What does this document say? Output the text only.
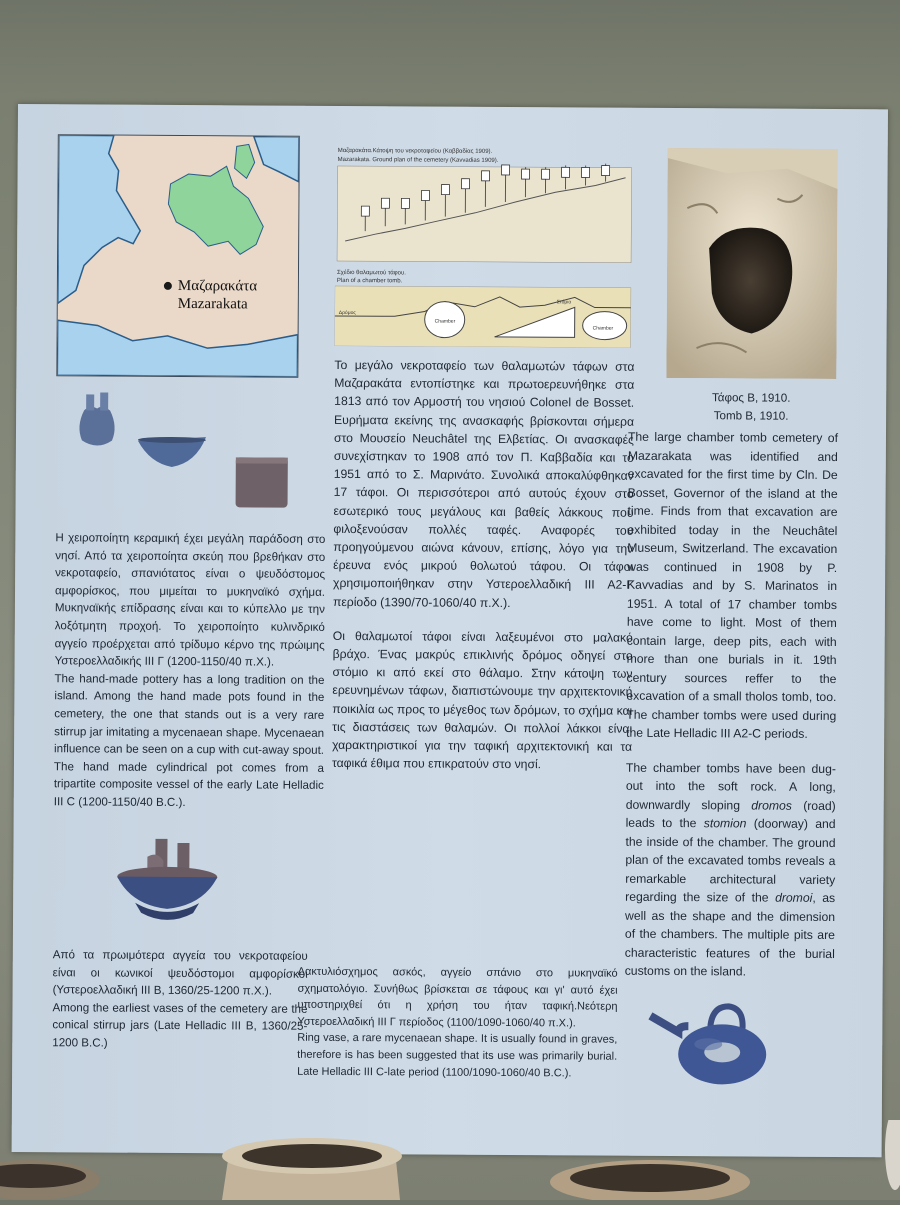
Μαζαρακάτα
Mazarakata
Μαζαρακάτα.Κάτοψη του νεκροταφείου (Καββαδίας 1909).
Mazarakata. Ground plan of the cemetery (Kavvadias 1909).
Σχέδιο θαλαμωτού τάφου.
Plan of a chamber tomb.
Δρόμος
Chamber
Στόμιο
Chamber

Τάφος Β, 1910.

Tomb B, 1910.

Η χειροποίητη κεραμική έχει μεγάλη παράδοση στο νησί. Από τα χειροποίητα σκεύη που βρεθήκαν στο νεκροταφείο, σπανιότατος είναι ο ψευδόστομος αμφορίσκος, που μιμείται το μυκηναϊκό σχήμα. Μυκηναϊκής επίδρασης είναι και το κύπελλο με την λοξότμητη προχοή. Το χειροποίητο κυλινδρικό αγγείο προέρχεται από τρίδυμο κέρνο της πρώιμης Υστεροελλαδικής ΙΙΙ Γ (1200-1150/40 π.Χ.).

The hand-made pottery has a long tradition on the island. Among the hand made pots found in the cemetery, the one that stands out is a very rare stirrup jar imitating a mycenaean shape. Mycenaean influence can be seen on a cup with cut-away spout. The hand made cylindrical pot comes from a tripartite composite vessel of the early Late Helladic III C (1200-1150/40 B.C.).

Από τα πρωιμότερα αγγεία του νεκροταφείου είναι οι κωνικοί ψευδόστομοι αμφορίσκοι (Υστεροελλαδική ΙΙΙ Β, 1360/25-1200 π.Χ.).

Among the earliest vases of the cemetery are the conical stirrup jars (Late Helladic III B, 1360/25-1200 B.C.)

Το μεγάλο νεκροταφείο των θαλαμωτών τάφων στα Μαζαρακάτα εντοπίστηκε και πρωτοερευνήθηκε στα 1813 από τον Αρμοστή του νησιού Colonel de Bosset. Ευρήματα εκείνης της ανασκαφής βρίσκονται σήμερα στο Μουσείο Neuchâtel της Ελβετίας. Οι ανασκαφές συνεχίστηκαν το 1908 από τον Π. Καββαδία και το 1951 από το Σ. Μαρινάτο. Συνολικά αποκαλύφθηκαν 17 τάφοι. Οι περισσότεροι από αυτούς έχουν στο εσωτερικό τους μεγάλους και βαθείς λάκκους που φιλοξενούσαν πολλές ταφές. Αναφορές του προηγούμενου αιώνα κάνουν, επίσης, λόγο για την έρευνα ενός μικρού θολωτού τάφου. Οι τάφοι χρησιμοποιήθηκαν στην Υστεροελλαδική ΙΙΙ Α2-Γ περίοδο (1390/70-1060/40 π.Χ.).

Οι θαλαμωτοί τάφοι είναι λαξευμένοι στο μαλακό βράχο. Ένας μακρύς επικλινής δρόμος οδηγεί στο στόμιο κι από εκεί στο θάλαμο. Στην κάτοψη των ερευνημένων τάφων, διαπιστώνουμε την αρχιτεκτονική ποικιλία ως προς το μέγεθος των δρόμων, το σχήμα και τις διαστάσεις των θαλαμών. Οι πολλοί λάκκοι είναι χαρακτηριστικοί για την ταφική αρχιτεκτονική και τα ταφικά έθιμα που επικρατούν στο νησί.

Δακτυλιόσχημος ασκός, αγγείο σπάνιο στο μυκηναϊκό σχηματολόγιο. Συνήθως βρίσκεται σε τάφους και γι' αυτό έχει υποστηριχθεί ότι η χρήση του ήταν ταφική.Νεότερη Υστεροελλαδική ΙΙΙ Γ περίοδος (1100/1090-1060/40 π.Χ.).

Ring vase, a rare mycenaean shape. It is usually found in graves, therefore is has been suggested that its use was primarily burial. Late Helladic III C-late period (1100/1090-1060/40 B.C.).

The large chamber tomb cemetery of Mazarakata was identified and excavated for the first time by Cln. De Bosset, Governor of the island at the time. Finds from that excavation are exhibited today in the Neuchâtel Museum, Switzerland. The excavation was continued in 1908 by P. Kavvadias and by S. Marinatos in 1951. A total of 17 chamber tombs have come to light. Most of them contain large, deep pits, each with more than one burials in it. 19th century sources reffer to the excavation of a small tholos tomb, too. The chamber tombs were used during the Late Helladic III A2-C periods.

The chamber tombs have been dug-out into the soft rock. A long, downwardly sloping dromos (road) leads to the stomion (doorway) and the inside of the chamber. The ground plan of the excavated tombs reveals a remarkable architectural variety regarding the size of the dromoi, as well as the shape and the dimension of the chambers. The multiple pits are characteristic features of the burial customs on the island.
